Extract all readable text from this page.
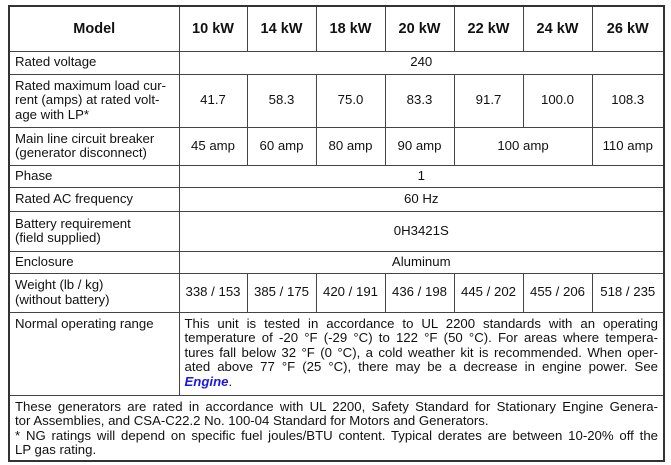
Model	10 kW	14 kW	18 kW	20 kW	22 kW	24 kW	26 kW
Rated voltage	240						
Rated maximum load cur-
rent (amps) at rated volt-
age with LP*	41.7	58.3	75.0	83.3	91.7	100.0	108.3
Main line circuit breaker
(generator disconnect)	45 amp	60 amp	80 amp	90 amp	100 amp		110 amp
Phase	1						
Rated AC frequency	60 Hz						
Battery requirement
(field supplied)	0H3421S						
Enclosure	Aluminum						
Weight (lb / kg)
(without battery)	338 / 153	385 / 175	420 / 191	436 / 198	445 / 202	455 / 206	518 / 235
Normal operating range	This unit is tested in accordance to UL 2200 standards with an operating
temperature of -20 °F (-29 °C) to 122 °F (50 °C). For areas where tempera-
tures fall below 32 °F (0 °C), a cold weather kit is recommended. When oper-
ated above 77 °F (25 °C), there may be a decrease in engine power. See
Engine.						

These generators are rated in accordance with UL 2200, Safety Standard for Stationary Engine Genera-
tor Assemblies, and CSA-C22.2 No. 100-04 Standard for Motors and Generators.
* NG ratings will depend on specific fuel joules/BTU content. Typical derates are between 10-20% off the
LP gas rating.							
